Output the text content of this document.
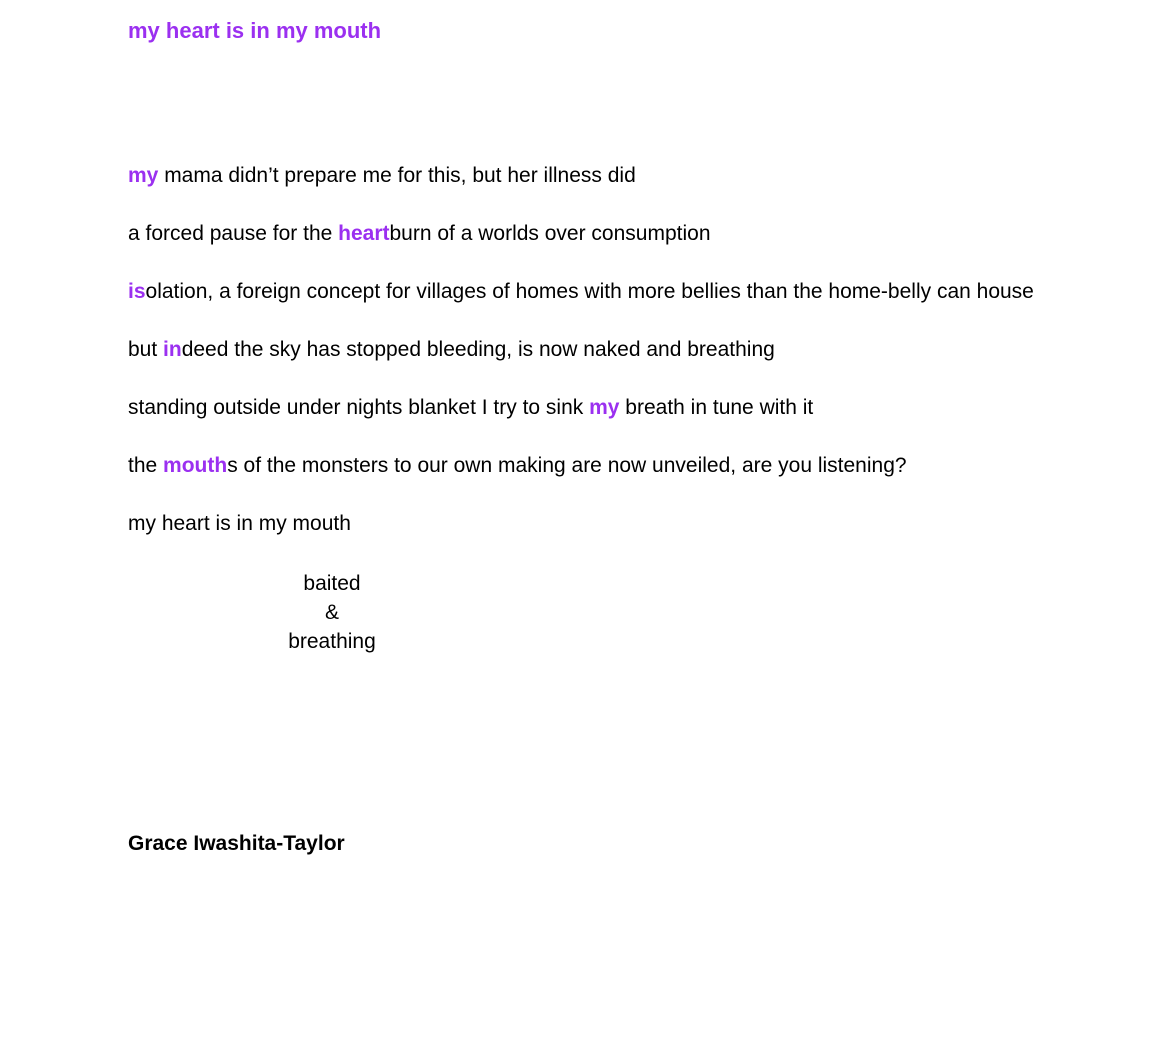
my heart is in my mouth

my mama didn’t prepare me for this, but her illness did

a forced pause for the heartburn of a worlds over consumption

isolation, a foreign concept for villages of homes with more bellies than the home-belly can house

but indeed the sky has stopped bleeding, is now naked and breathing

standing outside under nights blanket I try to sink my breath in tune with it

the mouths of the monsters to our own making are now unveiled, are you listening?

my heart is in my mouth

baited
&
breathing

Grace Iwashita-Taylor
